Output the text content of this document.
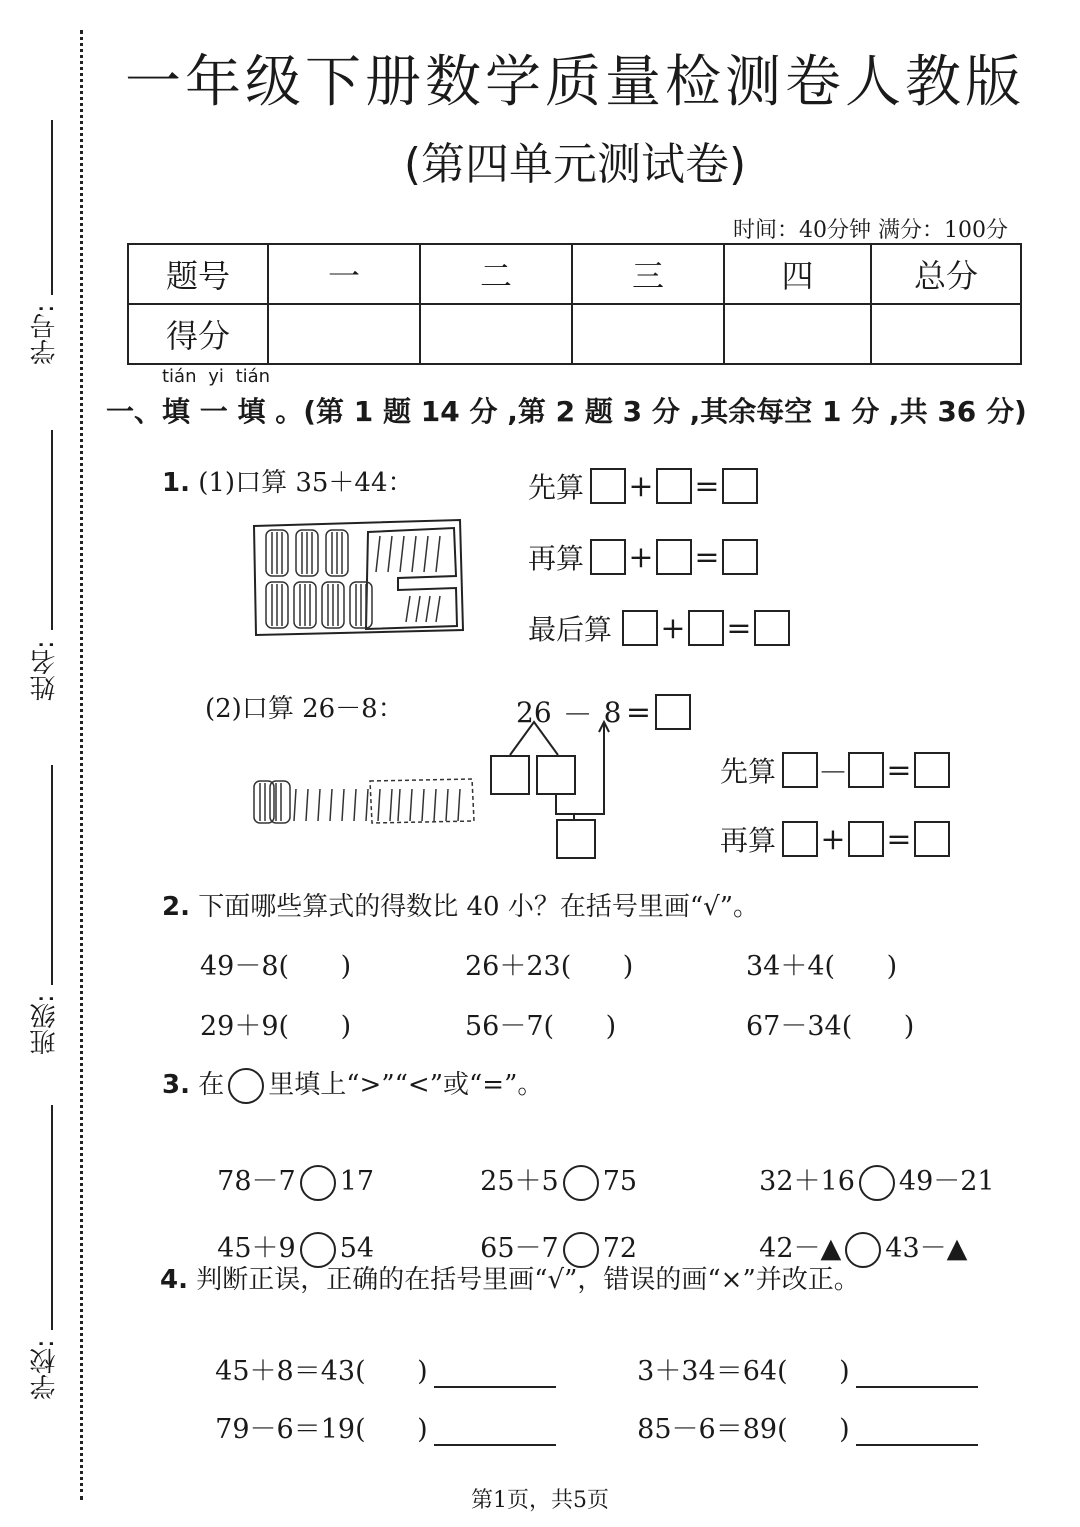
学号:
姓名:
班级:
学校:
一年级下册数学质量检测卷人教版
(第四单元测试卷)
时间：40分钟 满分：100分
题号	一	二	三	四	总分
得分					
tián yi tián
一、填 一 填 。(第 1 题 14 分 ,第 2 题 3 分 ,其余每空 1 分 ,共 36 分)
1. (1)口算 35＋44：	先算 + =
再算 + =
最后算	+ =
(2)口算 26－8：	26 － 8 =
先算 － =
再算 + =
2. 下面哪些算式的得数比 40 小？在括号里画“√”。
49－8(      )	26＋23(      )	34＋4(      )
29＋9(      )	56－7(      )	67－34(      )
3. 在 里填上“>”“<”或“=”。

78－7 17	25＋5 75	32＋16 49－21

45＋9 54	65－7 72	42－▲ 43－▲

4. 判断正误，正确的在括号里画“√”，错误的画“×”并改正。

45＋8＝43(      )	3＋34＝64(      )

79－6＝19(      )	85－6＝89(      )

第1页，共5页
